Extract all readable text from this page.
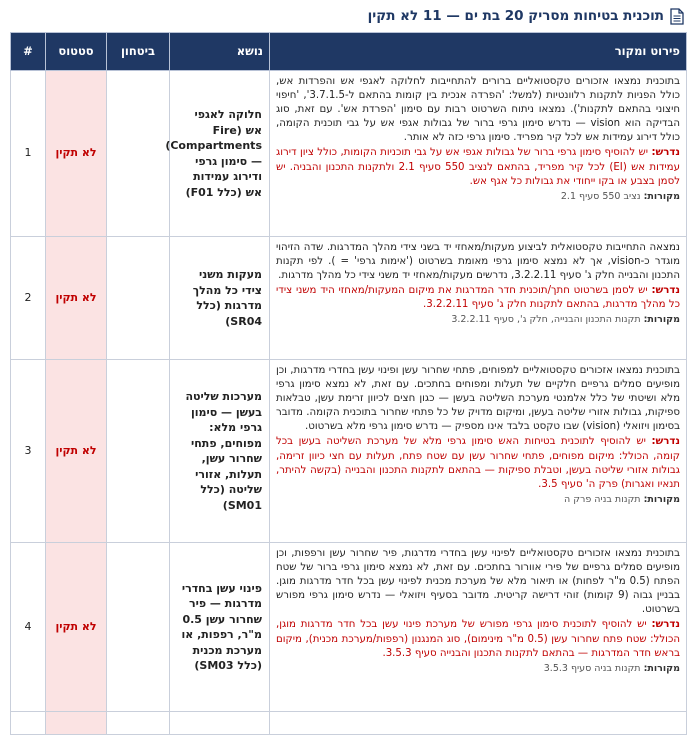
תוכנית בטיחות מסריק 20 בת ים — 11 לא תקין
פירוט ומקור	נושא	ביטחון	סטטוס	#

בתוכנית נמצאו אזכורים טקסטואליים ברורים להתחייבות לחלוקה לאגפי אש והפרדות אש, כולל הפניות לתקנות רלוונטיות (למשל: 'הפרדה אנכית בין קומות בהתאם ל-3.7.1.5', 'חיפוי חיצוני בהתאם לתקנות'). נמצאו ניתוח השרטוט רבות עם סימון 'הפרדת אש'. עם זאת, סוג הבדיקה הוא vision — נדרש סימון גרפי ברור של גבולות אגפי אש על גבי תוכנית הקומה, כולל דירוג עמידות אש לכל קיר מפריד. סימון גרפי כזה לא אותר.
נדרש: יש להוסיף סימון גרפי ברור של גבולות אגפי אש על גבי תוכניות הקומות, כולל ציון דירוג עמידות אש (EI) לכל קיר מפריד, בהתאם לנציב 550 סעיף 2.1 ולתקנות התכנון והבניה. יש לסמן בצבע או בקו ייחודי את גבולות כל אגף אש.
מקורות: נציב 550 סעיף 2.1	חלוקה לאגפי אש (Fire Compartments) — סימון גרפי ודירוג עמידות אש (כלל F01)		לא תקין	1

נמצאה התחייבות טקסטואלית לביצוע מעקות/מאחזי יד בשני צידי מהלך המדרגות. שדה הזיהוי מוגדר כ-vision, אך לא נמצא סימון גרפי מאומת בשרטוט ('אימות גרפי' = ). לפי תקנות התכנון והבנייה חלק ג' סעיף 3.2.2.11, נדרשים מעקות/מאחזי יד משני צידי כל מהלך מדרגות.
נדרש: יש לסמן בשרטוט חתך/תוכנית חדר המדרגות את מיקום המעקות/מאחזי היד משני צידי כל מהלך מדרגות, בהתאם לתקנות חלק ג' סעיף 3.2.2.11.
מקורות: תקנות התכנון והבנייה, חלק ג', סעיף 3.2.2.11	מעקות משני צידי כל מהלך מדרגות (כלל SR04)		לא תקין	2

בתוכנית נמצאו אזכורים טקסטואליים למפוחים, פתחי שחרור עשן ופינוי עשן בחדרי מדרגות, וכן מופיעים סמלים גרפיים חלקיים של תעלות ומפוחים בחתכים. עם זאת, לא נמצא סימון גרפי מלא ושיטתי של כלל אלמנטי מערכת השליטה בעשן — כגון חצים לכיוון זרימת עשן, טבלאות ספיקות, גבולות אזורי שליטה בעשן, ומיקום מדויק של כל פתחי שחרור בתוכנית הקומה. מדובר בסימון ויזואלי (vision) שבו טקסט בלבד אינו מספיק — נדרש סימון גרפי מלא בשרטוט.
נדרש: יש להוסיף לתוכנית בטיחות האש סימון גרפי מלא של מערכת השליטה בעשן בכל קומה, הכולל: מיקום מפוחים, פתחי שחרור עשן עם שטח פתח, תעלות עם חצי כיוון זרימה, גבולות אזורי שליטה בעשן, וטבלת ספיקות — בהתאם לתקנות התכנון והבנייה (בקשה להיתר, תנאיו ואגרות) פרק ה' סעיף 3.5.
מקורות: תקנות בניה פרק ה	מערכות שליטה בעשן — סימון גרפי מלא: מפוחים, פתחי שחרור עשן, תעלות, אזורי שליטה (כלל SM01)		לא תקין	3

בתוכנית נמצאו אזכורים טקסטואליים לפינוי עשן בחדרי מדרגות, פיר שחרור עשן ורפפות, וכן מופיעים סמלים גרפיים של פירי אוורור בחתכים. עם זאת, לא נמצא סימון גרפי ברור של שטח הפתח (0.5 מ"ר לפחות) או תיאור מלא של מערכת מכנית לפינוי עשן בכל חדר מדרגות מוגן. בבניין גבוה (9 קומות) זוהי דרישה קריטית. מדובר בסעיף ויזואלי — נדרש סימון גרפי מפורש בשרטוט.
נדרש: יש להוסיף לתוכנית סימון גרפי מפורש של מערכת פינוי עשן בכל חדר מדרגות מוגן, הכולל: שטח פתח שחרור עשן (0.5 מ"ר מינימום), סוג המנגנון (רפפות/מערכת מכנית), מיקום בראש חדר המדרגות — בהתאם לתקנות התכנון והבנייה סעיף 3.5.3.
מקורות: תקנות בניה סעיף 3.5.3	פינוי עשן בחדרי מדרגות — פיר שחרור עשן 0.5 מ"ר, רפפות, או מערכת מכנית (כלל SM03)		לא תקין	4
